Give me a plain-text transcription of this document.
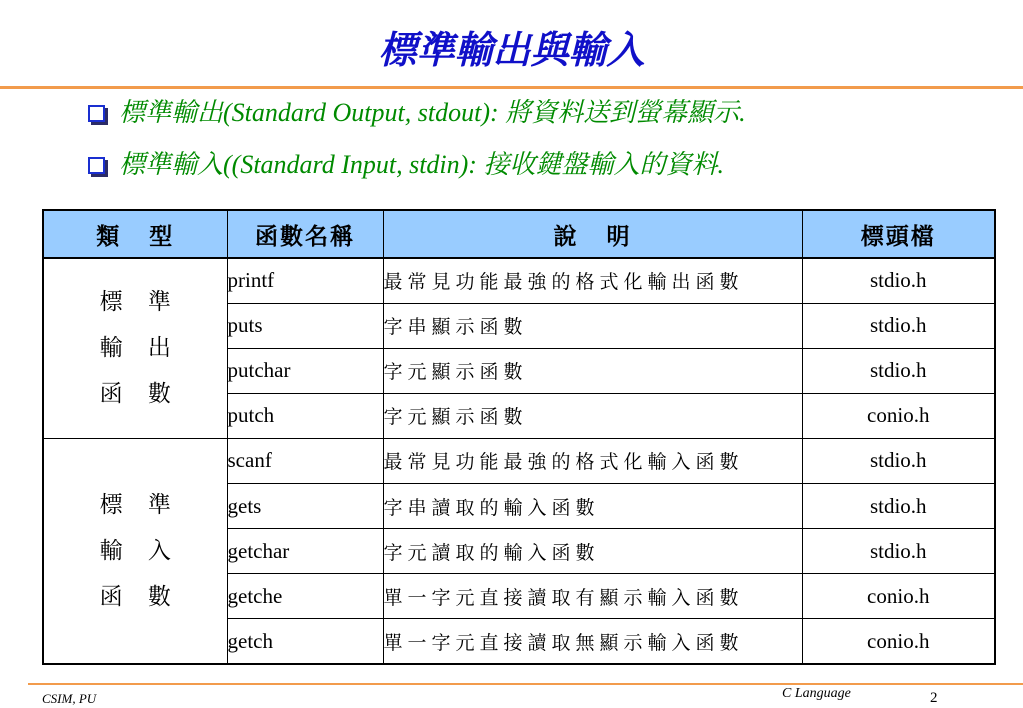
標準輸出與輸入
標準輸出(Standard Output, stdout): 將資料送到螢幕顯示.
標準輸入((Standard Input, stdin): 接收鍵盤輸入的資料.
類 型	函數名稱	說 明	標頭檔

標 準
輸 出
函 數	printf	最常見功能最強的格式化輸出函數	stdio.h
	puts	字串顯示函數	stdio.h
	putchar	字元顯示函數	stdio.h
	putch	字元顯示函數	conio.h

標 準
輸 入
函 數	scanf	最常見功能最強的格式化輸入函數	stdio.h
	gets	字串讀取的輸入函數	stdio.h
	getchar	字元讀取的輸入函數	stdio.h
	getche	單一字元直接讀取有顯示輸入函數	conio.h
	getch	單一字元直接讀取無顯示輸入函數	conio.h
CSIM, PU	C Language	2
